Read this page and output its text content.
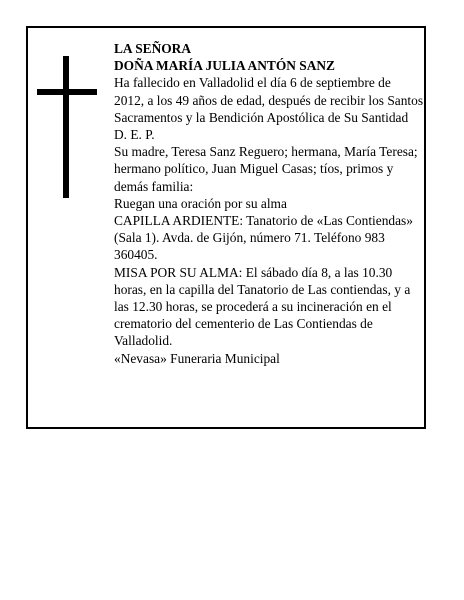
LA SEÑORA

DOÑA MARÍA JULIA ANTÓN SANZ

Ha fallecido en Valladolid el día 6 de septiembre de 2012, a los 49 años de edad, después de recibir los Santos Sacramentos y la Bendición Apostólica de Su Santidad

D. E. P.

Su madre, Teresa Sanz Reguero; hermana, María Teresa; hermano político, Juan Miguel Casas; tíos, primos y demás familia:

Ruegan una oración por su alma

CAPILLA ARDIENTE: Tanatorio de «Las Contiendas» (Sala 1). Avda. de Gijón, número 71. Teléfono 983 360405.

MISA POR SU ALMA: El sábado día 8, a las 10.30 horas, en la capilla del Tanatorio de Las contiendas, y a las 12.30 horas, se procederá a su incineración en el crematorio del cementerio de Las Contiendas de Valladolid.

«Nevasa» Funeraria Municipal
